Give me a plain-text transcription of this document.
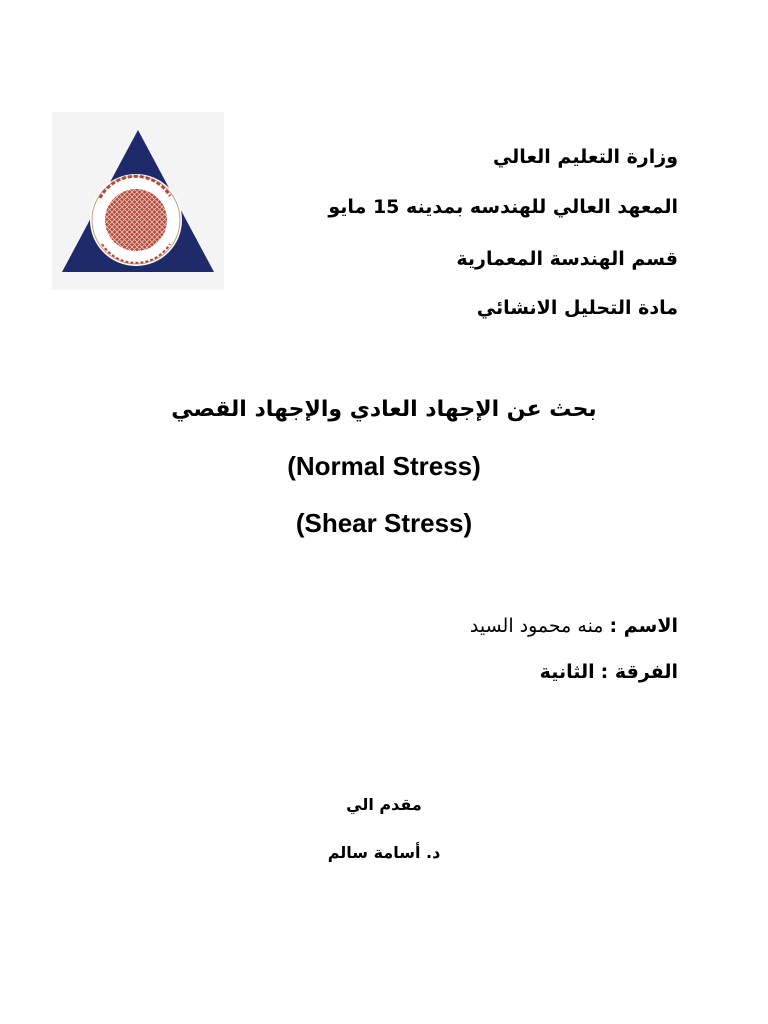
وزارة التعليم العالي
المعهد العالي للهندسه بمدينه 15 مايو
قسم الهندسة المعمارية
مادة التحليل الانشائي
بحث عن الإجهاد العادي والإجهاد القصي
(Normal Stress)
(Shear Stress)
الاسم : منه محمود السيد
الفرقة : الثانية
مقدم الي
د. أسامة سالم
